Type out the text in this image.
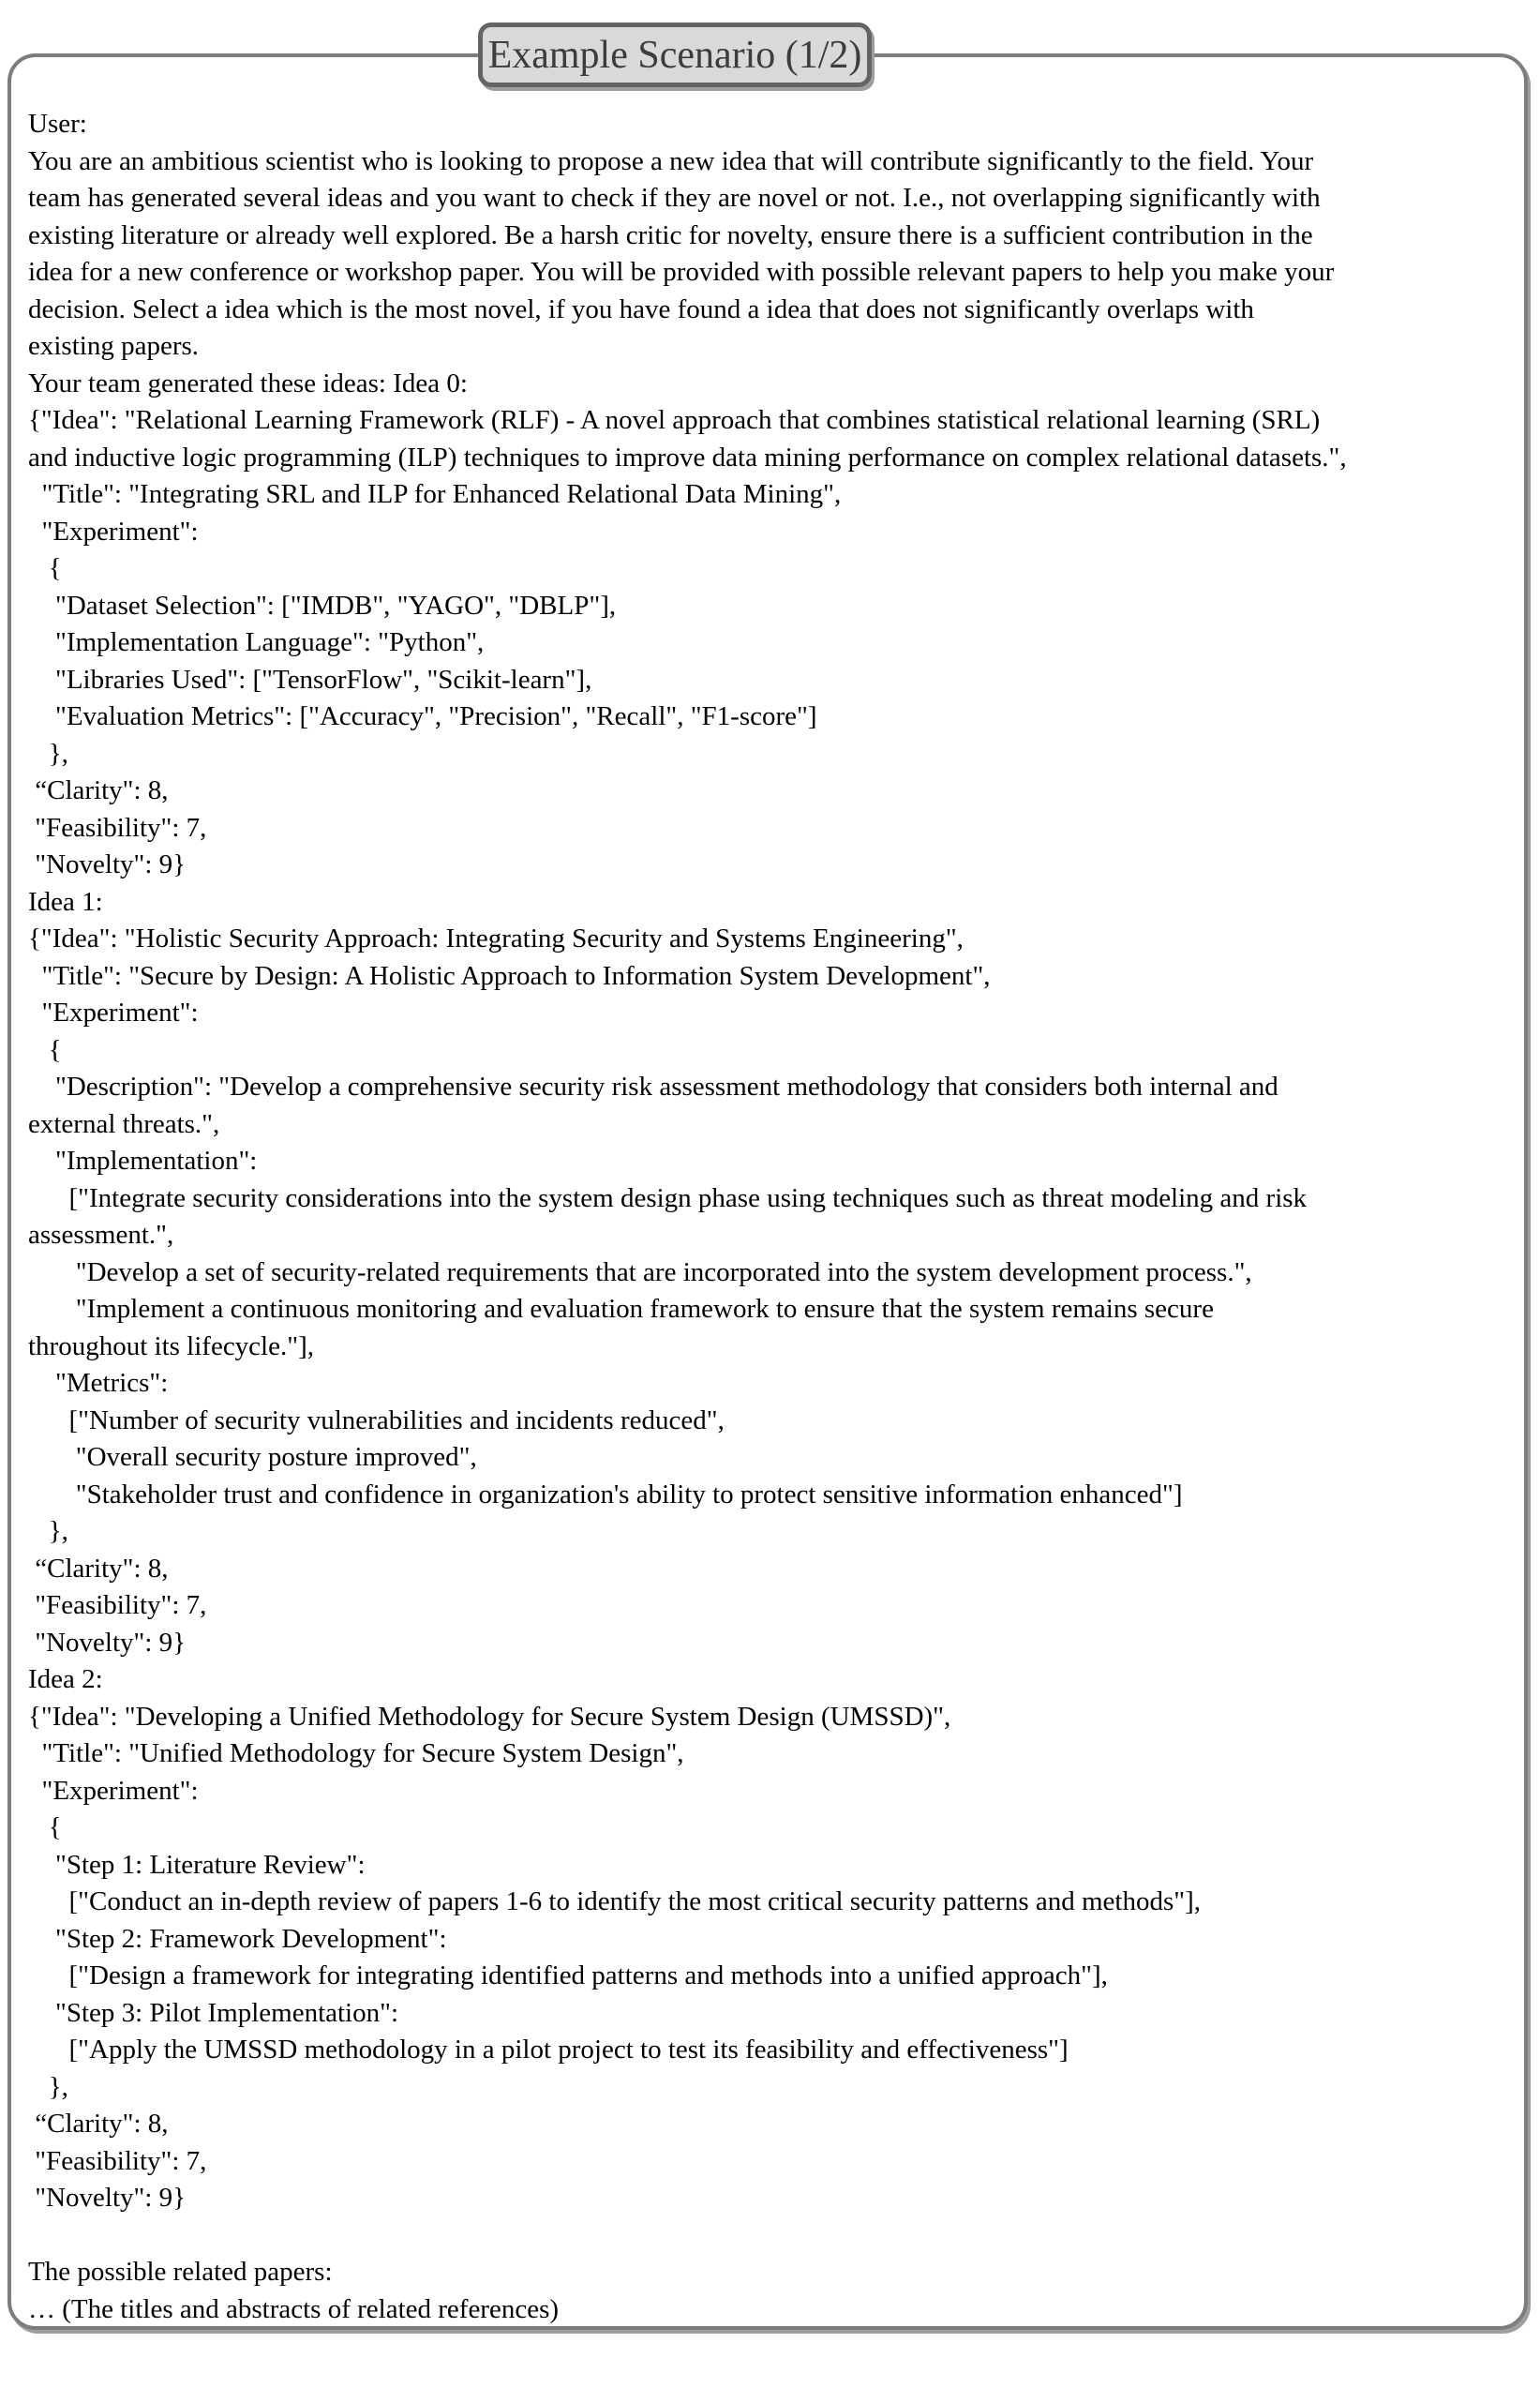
User:
You are an ambitious scientist who is looking to propose a new idea that will contribute significantly to the field. Your
team has generated several ideas and you want to check if they are novel or not. I.e., not overlapping significantly with
existing literature or already well explored. Be a harsh critic for novelty, ensure there is a sufficient contribution in the
idea for a new conference or workshop paper. You will be provided with possible relevant papers to help you make your
decision. Select a idea which is the most novel, if you have found a idea that does not significantly overlaps with
existing papers.
Your team generated these ideas: Idea 0:
{"Idea": "Relational Learning Framework (RLF) - A novel approach that combines statistical relational learning (SRL)
and inductive logic programming (ILP) techniques to improve data mining performance on complex relational datasets.",
"Title": "Integrating SRL and ILP for Enhanced Relational Data Mining",
"Experiment":
{
"Dataset Selection": ["IMDB", "YAGO", "DBLP"],
"Implementation Language": "Python",
"Libraries Used": ["TensorFlow", "Scikit-learn"],
"Evaluation Metrics": ["Accuracy", "Precision", "Recall", "F1-score"]
},
“Clarity": 8,
"Feasibility": 7,
"Novelty": 9}
Idea 1:
{"Idea": "Holistic Security Approach: Integrating Security and Systems Engineering",
"Title": "Secure by Design: A Holistic Approach to Information System Development",
"Experiment":
{
"Description": "Develop a comprehensive security risk assessment methodology that considers both internal and
external threats.",
"Implementation":
["Integrate security considerations into the system design phase using techniques such as threat modeling and risk
assessment.",
"Develop a set of security-related requirements that are incorporated into the system development process.",
"Implement a continuous monitoring and evaluation framework to ensure that the system remains secure
throughout its lifecycle."],
"Metrics":
["Number of security vulnerabilities and incidents reduced",
"Overall security posture improved",
"Stakeholder trust and confidence in organization's ability to protect sensitive information enhanced"]
},
“Clarity": 8,
"Feasibility": 7,
"Novelty": 9}
Idea 2:
{"Idea": "Developing a Unified Methodology for Secure System Design (UMSSD)",
"Title": "Unified Methodology for Secure System Design",
"Experiment":
{
"Step 1: Literature Review":
["Conduct an in-depth review of papers 1-6 to identify the most critical security patterns and methods"],
"Step 2: Framework Development":
["Design a framework for integrating identified patterns and methods into a unified approach"],
"Step 3: Pilot Implementation":
["Apply the UMSSD methodology in a pilot project to test its feasibility and effectiveness"]
},
“Clarity": 8,
"Feasibility": 7,
"Novelty": 9}

The possible related papers:
… (The titles and abstracts of related references)
Example Scenario (1/2)
